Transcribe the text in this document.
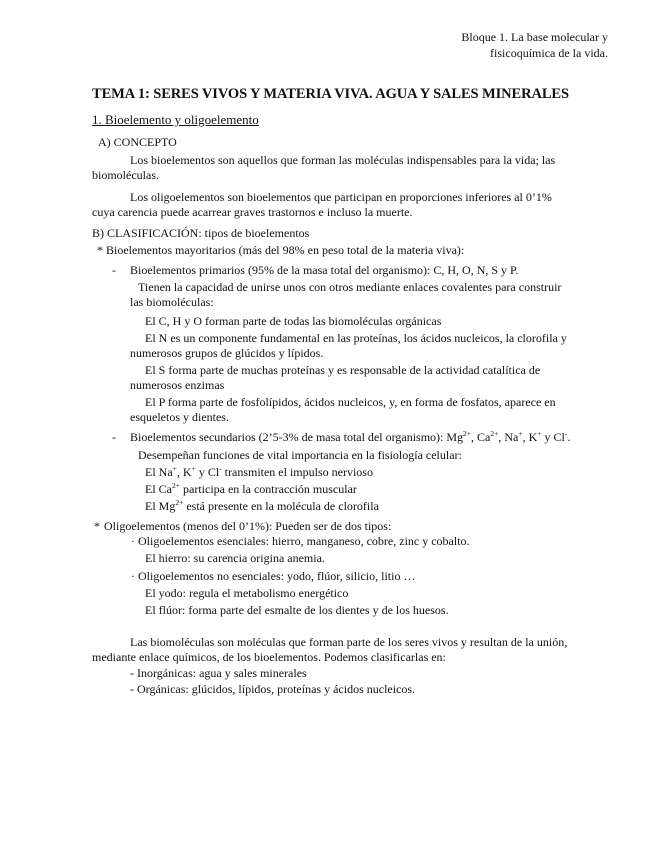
Bloque 1. La base molecular y
fisicoquímica de la vida.
TEMA 1: SERES VIVOS Y MATERIA VIVA. AGUA Y SALES MINERALES
1. Bioelemento y oligoelemento
A) CONCEPTO
Los bioelementos son aquellos que forman las moléculas indispensables para la vida; las
biomoléculas.
Los oligoelementos son bioelementos que participan en proporciones inferiores al 0’1%
cuya carencia puede acarrear graves trastornos e incluso la muerte.
B) CLASIFICACIÓN: tipos de bioelementos
* Bioelementos mayoritarios (más del 98% en peso total de la materia viva):
- Bioelementos primarios (95% de la masa total del organismo): C, H, O, N, S y P.
Tienen la capacidad de unirse unos con otros mediante enlaces covalentes para construir
las biomoléculas:
El C, H y O forman parte de todas las biomoléculas orgánicas
El N es un componente fundamental en las proteínas, los ácidos nucleicos, la clorofila y
numerosos grupos de glúcidos y lípidos.
El S forma parte de muchas proteínas y es responsable de la actividad catalítica de
numerosos enzimas
El P forma parte de fosfolípidos, ácidos nucleicos, y, en forma de fosfatos, aparece en
esqueletos y dientes.
- Bioelementos secundarios (2’5-3% de masa total del organismo): $Mg^{2+}$, $Ca^{2+}$, Na+, K+ y Cl-.
Desempeñan funciones de vital importancia en la fisiología celular:
El Na+, K+ y Cl- transmiten el impulso nervioso
El $Ca^{2+}$ participa en la contracción muscular
El $Mg^{2+}$ está presente en la molécula de clorofila
* Oligoelementos (menos del 0’1%): Pueden ser de dos tipos:
· Oligoelementos esenciales: hierro, manganeso, cobre, zinc y cobalto.
El hierro: su carencia origina anemia.
· Oligoelementos no esenciales: yodo, flúor, silicio, litio …
El yodo: regula el metabolismo energético
El flúor: forma parte del esmalte de los dientes y de los huesos.
Las biomoléculas son moléculas que forman parte de los seres vivos y resultan de la unión,
mediante enlace químicos, de los bioelementos. Podemos clasificarlas en:
- Inorgánicas: agua y sales minerales
- Orgánicas: glúcidos, lípidos, proteínas y ácidos nucleicos.
